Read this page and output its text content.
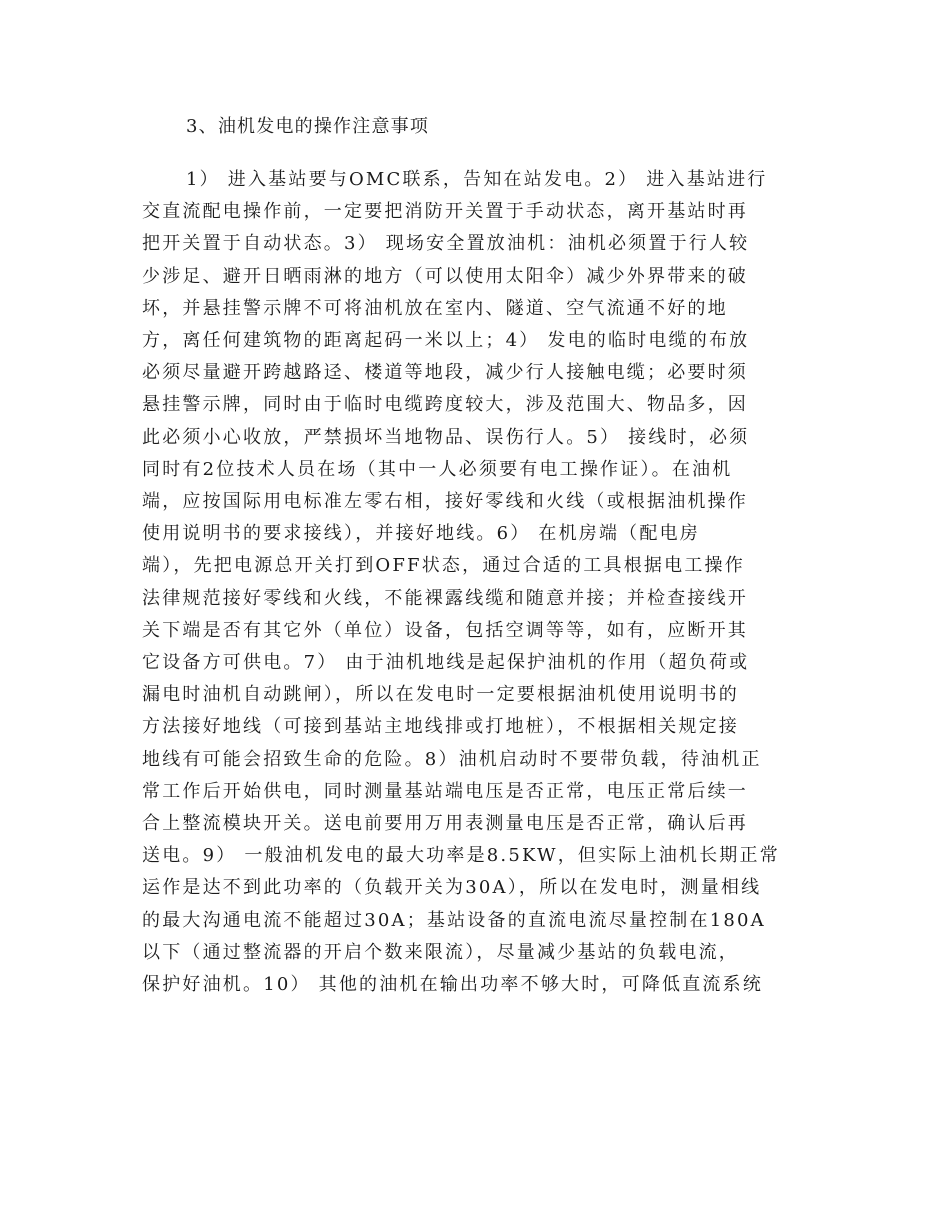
3、油机发电的操作注意事项
1） 进入基站要与OMC联系，告知在站发电。2） 进入基站进行
交直流配电操作前，一定要把消防开关置于手动状态，离开基站时再
把开关置于自动状态。3） 现场安全置放油机：油机必须置于行人较
少涉足、避开日晒雨淋的地方（可以使用太阳伞）减少外界带来的破
坏，并悬挂警示牌不可将油机放在室内、隧道、空气流通不好的地
方，离任何建筑物的距离起码一米以上；4） 发电的临时电缆的布放
必须尽量避开跨越路迳、楼道等地段，减少行人接触电缆；必要时须
悬挂警示牌，同时由于临时电缆跨度较大，涉及范围大、物品多，因
此必须小心收放，严禁损坏当地物品、误伤行人。5） 接线时，必须
同时有2位技术人员在场（其中一人必须要有电工操作证）。在油机
端，应按国际用电标准左零右相，接好零线和火线（或根据油机操作
使用说明书的要求接线），并接好地线。6） 在机房端（配电房
端），先把电源总开关打到OFF状态，通过合适的工具根据电工操作
法律规范接好零线和火线，不能裸露线缆和随意并接；并检查接线开
关下端是否有其它外（单位）设备，包括空调等等，如有，应断开其
它设备方可供电。7） 由于油机地线是起保护油机的作用（超负荷或
漏电时油机自动跳闸），所以在发电时一定要根据油机使用说明书的
方法接好地线（可接到基站主地线排或打地桩），不根据相关规定接
地线有可能会招致生命的危险。8）油机启动时不要带负载，待油机正
常工作后开始供电，同时测量基站端电压是否正常，电压正常后续一
合上整流模块开关。送电前要用万用表测量电压是否正常，确认后再
送电。9） 一般油机发电的最大功率是8.5KW，但实际上油机长期正常
运作是达不到此功率的（负载开关为30A），所以在发电时，测量相线
的最大沟通电流不能超过30A；基站设备的直流电流尽量控制在180A
以下（通过整流器的开启个数来限流），尽量减少基站的负载电流，
保护好油机。10） 其他的油机在输出功率不够大时，可降低直流系统
